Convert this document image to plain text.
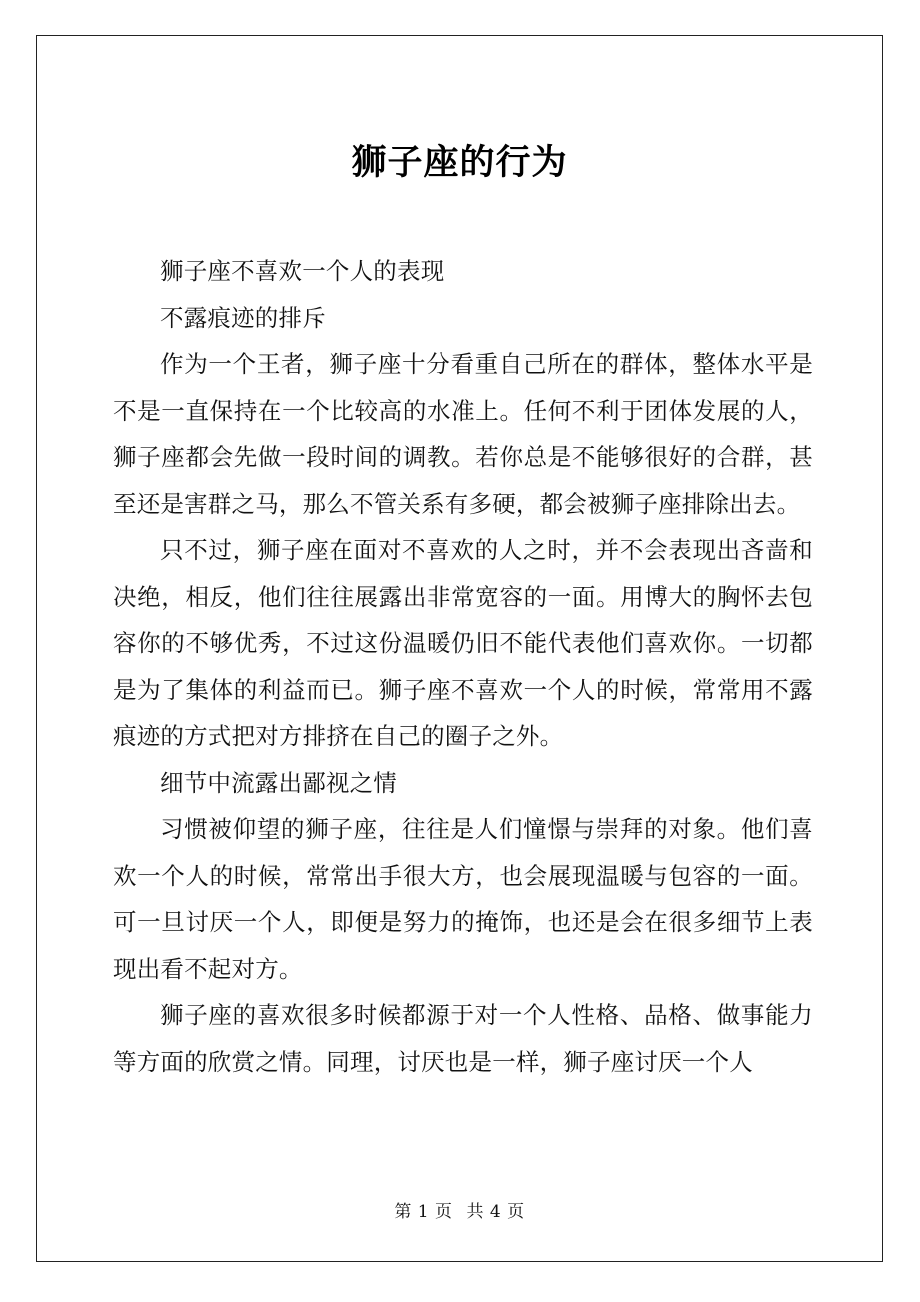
狮子座的行为

狮子座不喜欢一个人的表现

不露痕迹的排斥

作为一个王者，狮子座十分看重自己所在的群体，整体水平是不是一直保持在一个比较高的水准上。任何不利于团体发展的人，狮子座都会先做一段时间的调教。若你总是不能够很好的合群，甚至还是害群之马，那么不管关系有多硬，都会被狮子座排除出去。

只不过，狮子座在面对不喜欢的人之时，并不会表现出吝啬和决绝，相反，他们往往展露出非常宽容的一面。用博大的胸怀去包容你的不够优秀，不过这份温暖仍旧不能代表他们喜欢你。一切都是为了集体的利益而已。狮子座不喜欢一个人的时候，常常用不露痕迹的方式把对方排挤在自己的圈子之外。

细节中流露出鄙视之情

习惯被仰望的狮子座，往往是人们憧憬与崇拜的对象。他们喜欢一个人的时候，常常出手很大方，也会展现温暖与包容的一面。可一旦讨厌一个人，即便是努力的掩饰，也还是会在很多细节上表现出看不起对方。

狮子座的喜欢很多时候都源于对一个人性格、品格、做事能力等方面的欣赏之情。同理，讨厌也是一样，狮子座讨厌一个人

第 1 页 共 4 页
